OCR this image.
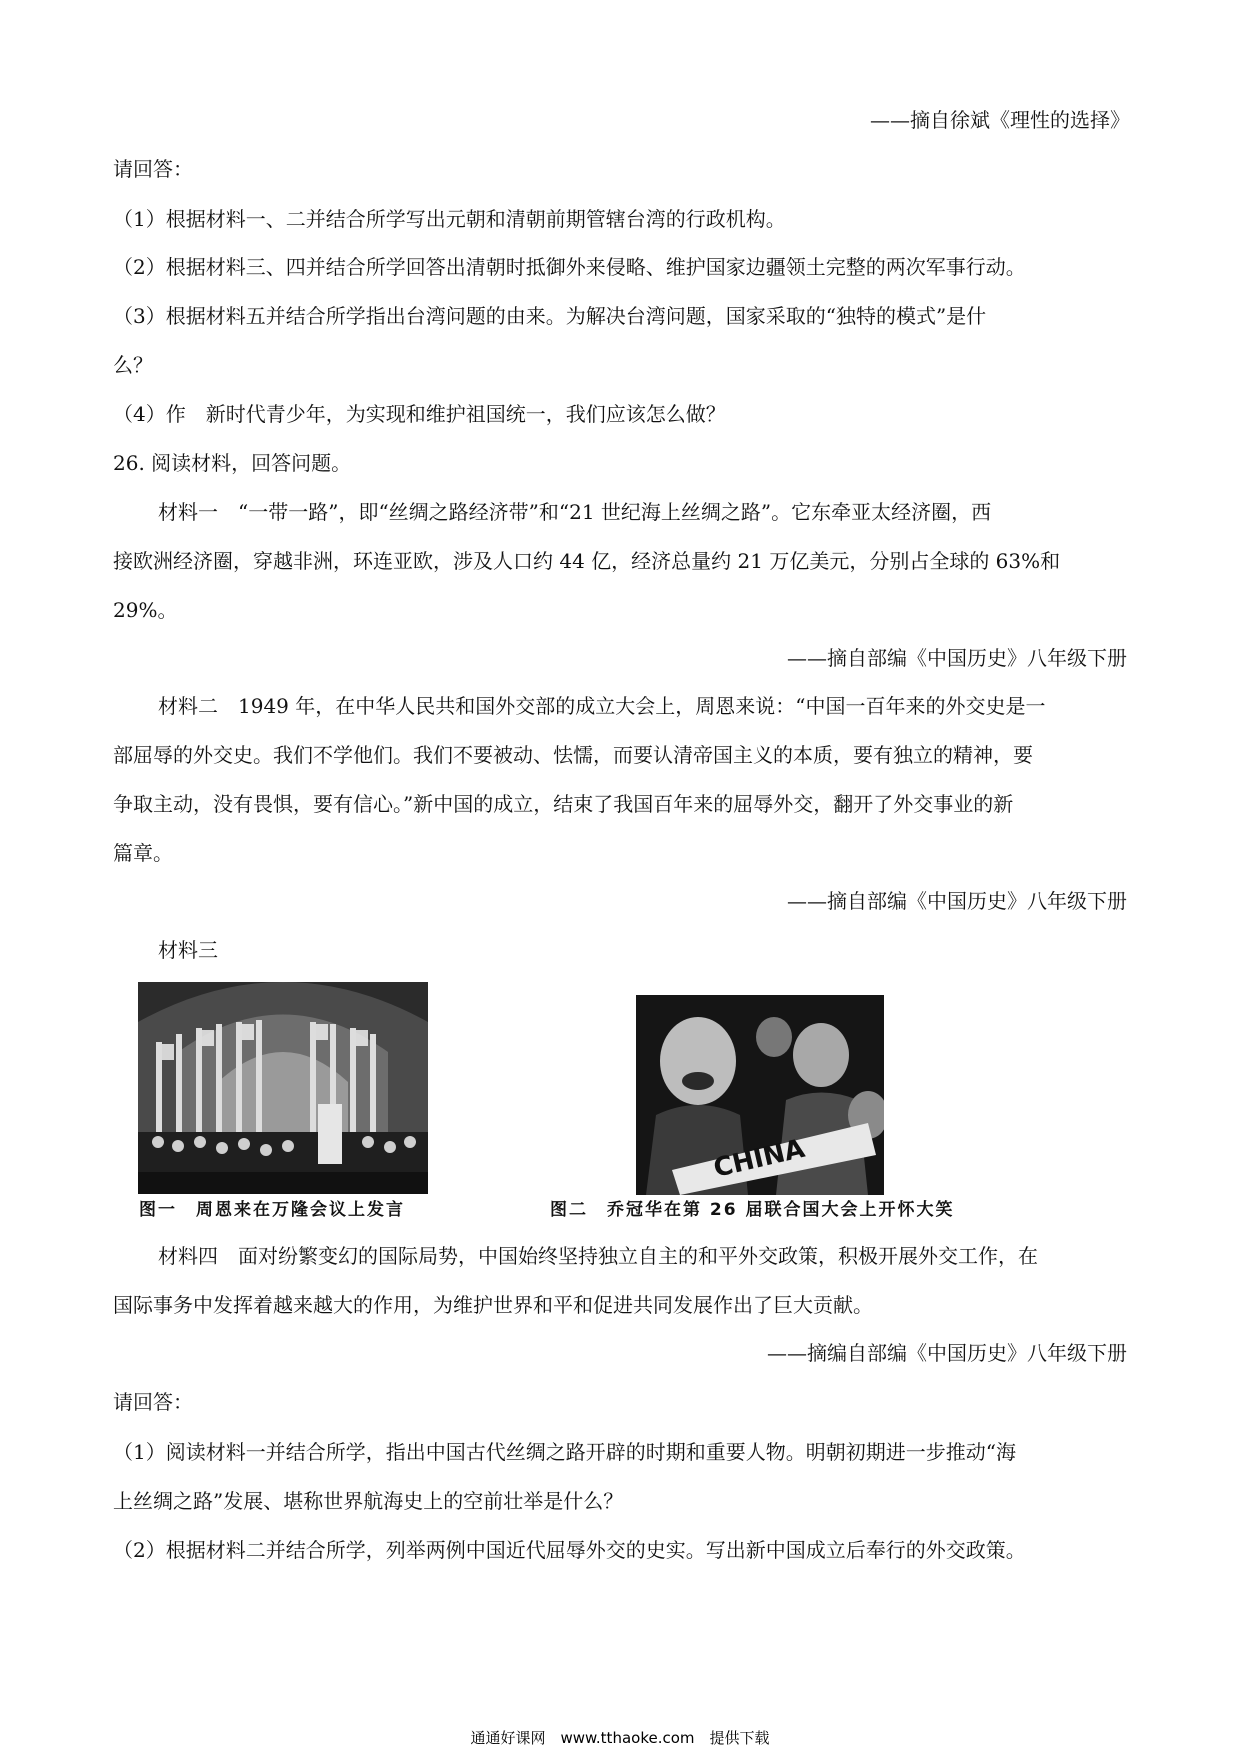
——摘自徐斌《理性的选择》
请回答：
（1）根据材料一、二并结合所学写出元朝和清朝前期管辖台湾的行政机构。
（2）根据材料三、四并结合所学回答出清朝时抵御外来侵略、维护国家边疆领土完整的两次军事行动。
（3）根据材料五并结合所学指出台湾问题的由来。为解决台湾问题，国家采取的“独特的模式”是什
么？
（4）作　新时代青少年，为实现和维护祖国统一，我们应该怎么做？
26. 阅读材料，回答问题。
材料一　“一带一路”，即“丝绸之路经济带”和“21 世纪海上丝绸之路”。它东牵亚太经济圈，西
接欧洲经济圈，穿越非洲，环连亚欧，涉及人口约 44 亿，经济总量约 21 万亿美元，分别占全球的 63%和
29%。
——摘自部编《中国历史》八年级下册
材料二　1949 年，在中华人民共和国外交部的成立大会上，周恩来说：“中国一百年来的外交史是一
部屈辱的外交史。我们不学他们。我们不要被动、怯懦，而要认清帝国主义的本质，要有独立的精神，要
争取主动，没有畏惧，要有信心。”新中国的成立，结束了我国百年来的屈辱外交，翻开了外交事业的新
篇章。
——摘自部编《中国历史》八年级下册
材料三
CHINA
图一　周恩来在万隆会议上发言	图二　乔冠华在第 26 届联合国大会上开怀大笑
材料四　面对纷繁变幻的国际局势，中国始终坚持独立自主的和平外交政策，积极开展外交工作，在
国际事务中发挥着越来越大的作用，为维护世界和平和促进共同发展作出了巨大贡献。
——摘编自部编《中国历史》八年级下册
请回答：
（1）阅读材料一并结合所学，指出中国古代丝绸之路开辟的时期和重要人物。明朝初期进一步推动“海
上丝绸之路”发展、堪称世界航海史上的空前壮举是什么？
（2）根据材料二并结合所学，列举两例中国近代屈辱外交的史实。写出新中国成立后奉行的外交政策。
通通好课网　www.tthaoke.com　提供下载
